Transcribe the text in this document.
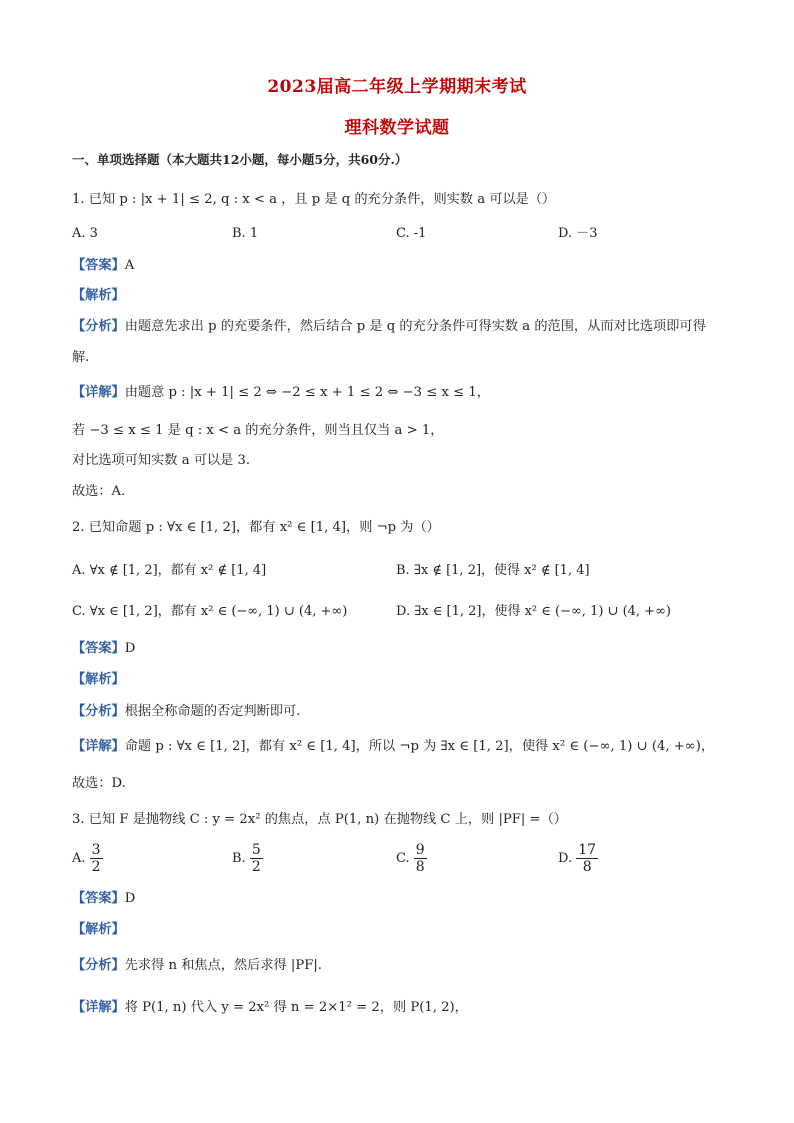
2023届高二年级上学期期末考试
理科数学试题
一、单项选择题（本大题共12小题，每小题5分，共60分.）
1. 已知 p : |x + 1| ≤ 2, q : x < a ，且 p 是 q 的充分条件，则实数 a 可以是（）
A. 3	B. 1	C. -1	D. －3
【答案】A
【解析】
【分析】由题意先求出 p 的充要条件，然后结合 p 是 q 的充分条件可得实数 a 的范围，从而对比选项即可得
解.
【详解】由题意 p : |x + 1| ≤ 2 ⇔ −2 ≤ x + 1 ≤ 2 ⇔ −3 ≤ x ≤ 1，
若 −3 ≤ x ≤ 1 是 q : x < a 的充分条件，则当且仅当 a > 1，
对比选项可知实数 a 可以是 3.
故选：A.
2. 已知命题 p : ∀x ∈ [1, 2]，都有 x² ∈ [1, 4]，则 ¬p 为（）
A. ∀x ∉ [1, 2]，都有 x² ∉ [1, 4]	B. ∃x ∉ [1, 2]，使得 x² ∉ [1, 4]
C. ∀x ∈ [1, 2]，都有 x² ∈ (−∞, 1) ∪ (4, +∞)	D. ∃x ∈ [1, 2]，使得 x² ∈ (−∞, 1) ∪ (4, +∞)
【答案】D
【解析】
【分析】根据全称命题的否定判断即可.
【详解】命题 p : ∀x ∈ [1, 2]，都有 x² ∈ [1, 4]，所以 ¬p 为 ∃x ∈ [1, 2]，使得 x² ∈ (−∞, 1) ∪ (4, +∞)，
故选：D.
3. 已知 F 是抛物线 C : y = 2x² 的焦点，点 P(1, n) 在抛物线 C 上，则 |PF| =（）
A. $\frac{3}{2}$	B. $\frac{5}{2}$	C. $\frac{9}{8}$	D. $\frac{17}{8}$
【答案】D
【解析】
【分析】先求得 n 和焦点，然后求得 |PF|.
【详解】将 P(1, n) 代入 y = 2x² 得 n = 2×1² = 2，则 P(1, 2)，
